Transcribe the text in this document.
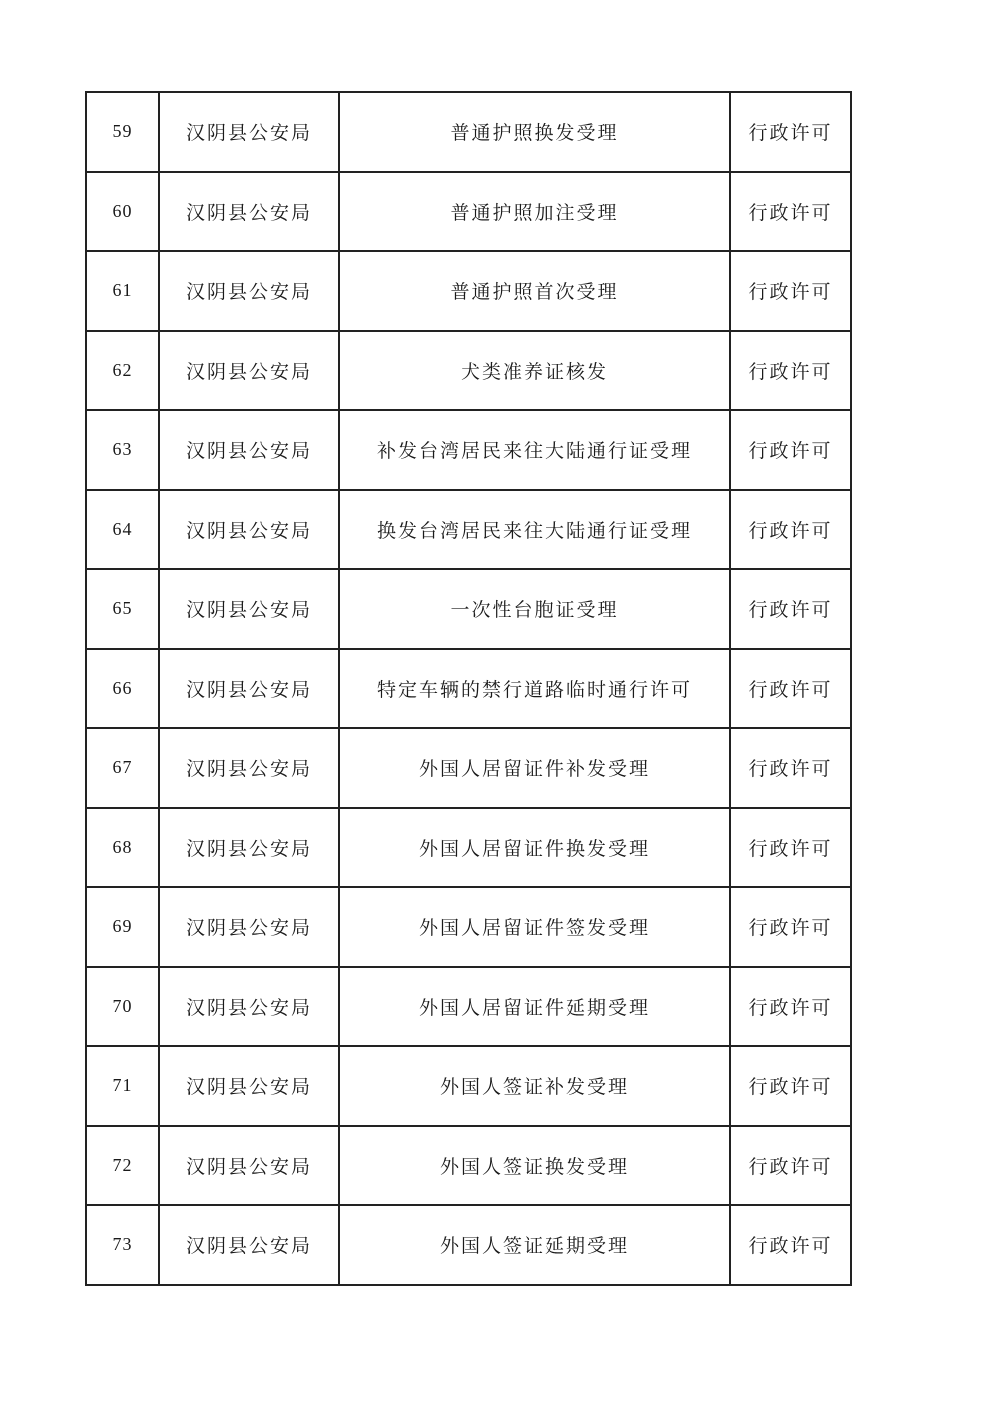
59	汉阴县公安局	普通护照换发受理	行政许可
60	汉阴县公安局	普通护照加注受理	行政许可
61	汉阴县公安局	普通护照首次受理	行政许可
62	汉阴县公安局	犬类准养证核发	行政许可
63	汉阴县公安局	补发台湾居民来往大陆通行证受理	行政许可
64	汉阴县公安局	换发台湾居民来往大陆通行证受理	行政许可
65	汉阴县公安局	一次性台胞证受理	行政许可
66	汉阴县公安局	特定车辆的禁行道路临时通行许可	行政许可
67	汉阴县公安局	外国人居留证件补发受理	行政许可
68	汉阴县公安局	外国人居留证件换发受理	行政许可
69	汉阴县公安局	外国人居留证件签发受理	行政许可
70	汉阴县公安局	外国人居留证件延期受理	行政许可
71	汉阴县公安局	外国人签证补发受理	行政许可
72	汉阴县公安局	外国人签证换发受理	行政许可
73	汉阴县公安局	外国人签证延期受理	行政许可
